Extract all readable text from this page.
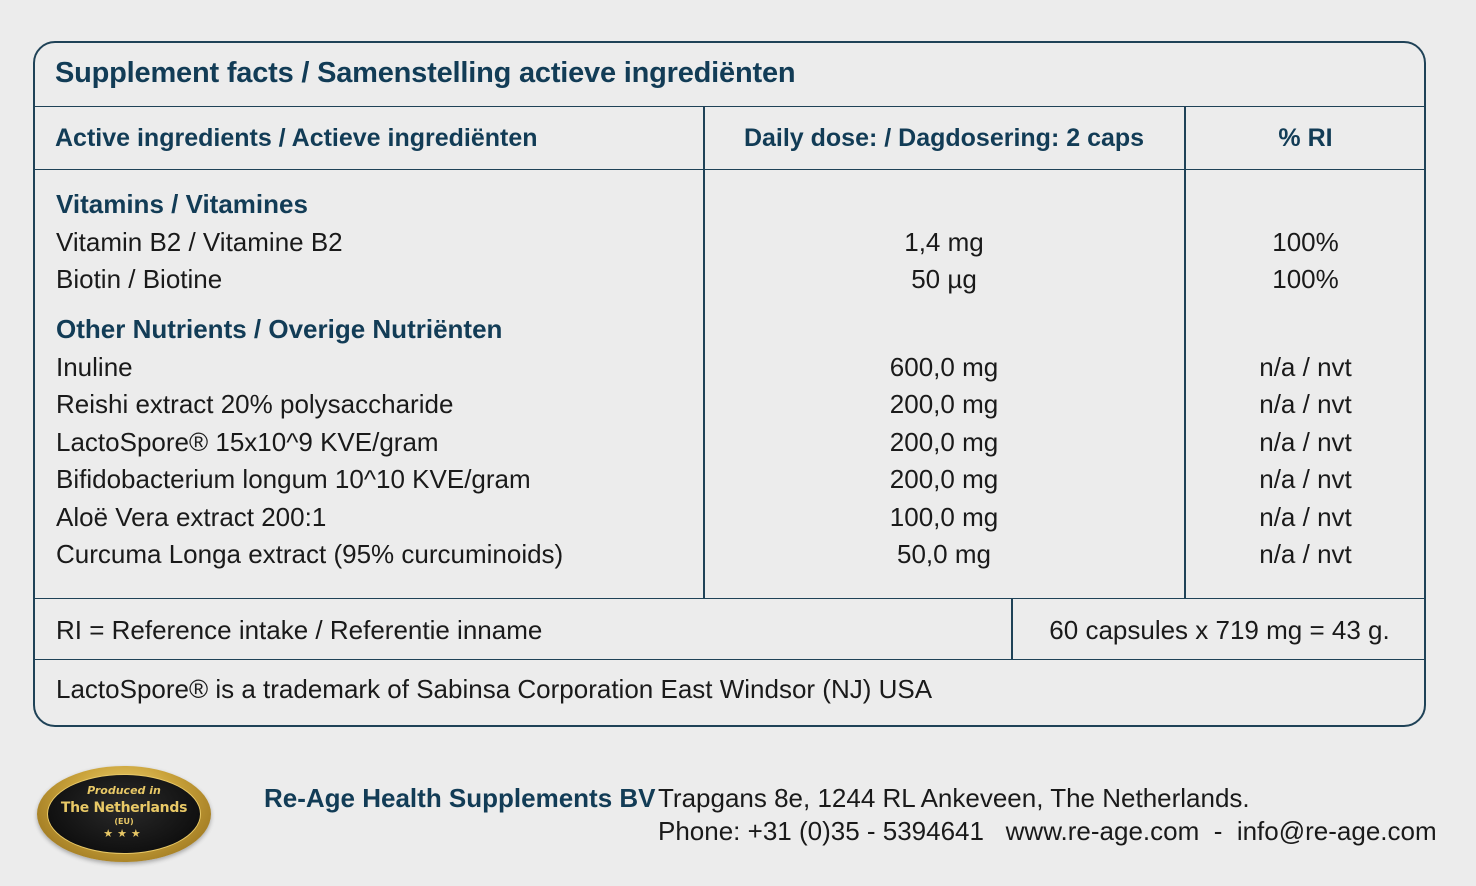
Supplement facts / Samenstelling actieve ingrediënten
Active ingredients / Actieve ingrediënten	Daily dose: / Dagdosering: 2 caps	% RI
Vitamins / Vitamines
Vitamin B2 / Vitamine B2	1,4 mg	100%
Biotin / Biotine	50 µg	100%
Other Nutrients / Overige Nutriënten
Inuline	600,0 mg	n/a / nvt
Reishi extract 20% polysaccharide	200,0 mg	n/a / nvt
LactoSpore® 15x10^9 KVE/gram	200,0 mg	n/a / nvt
Bifidobacterium longum 10^10 KVE/gram	200,0 mg	n/a / nvt
Aloë Vera extract 200:1	100,0 mg	n/a / nvt
Curcuma Longa extract (95% curcuminoids)	50,0 mg	n/a / nvt
RI = Reference intake / Referentie inname	60 capsules x 719 mg = 43 g.
LactoSpore® is a trademark of Sabinsa Corporation East Windsor (NJ) USA
Produced in
The Netherlands
(EU)
★★★
Re-Age Health Supplements BV Trapgans 8e, 1244 RL Ankeveen, The Netherlands.
Phone: +31 (0)35 - 5394641   www.re-age.com  -  info@re-age.com
